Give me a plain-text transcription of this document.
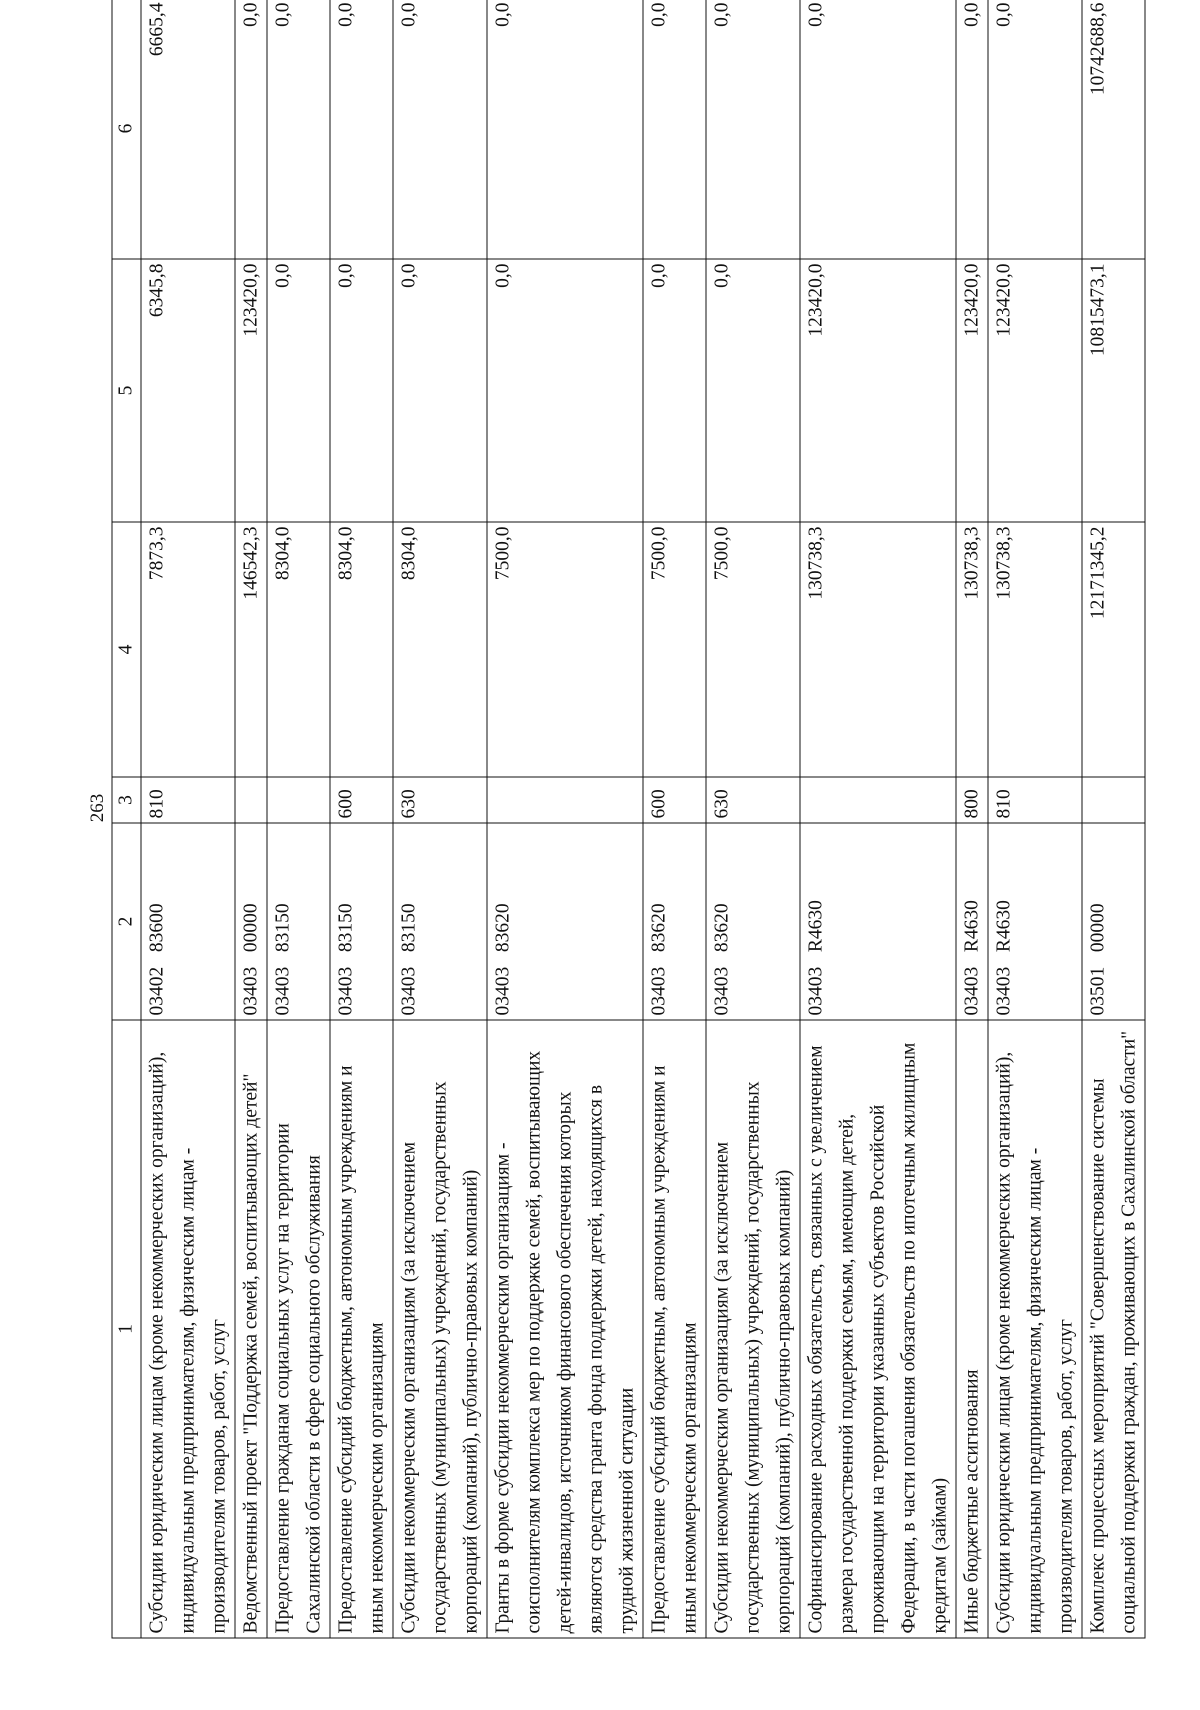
263
1	2	3	4	5	6
Субсидии юридическим лицам (кроме некоммерческих организаций), индивидуальным предпринимателям, физическим лицам - производителям товаров, работ, услуг	03402   83600	810	7873,3	6345,8	6665,4
Ведомственный проект "Поддержка семей, воспитывающих детей"	03403   00000		146542,3	123420,0	0,0
Предоставление гражданам социальных услуг на территории Сахалинской области в сфере социального обслуживания	03403   83150		8304,0	0,0	0,0
Предоставление субсидий бюджетным, автономным учреждениям и иным некоммерческим организациям	03403   83150	600	8304,0	0,0	0,0
Субсидии некоммерческим организациям (за исключением государственных (муниципальных) учреждений, государственных корпораций (компаний), публично-правовых компаний)	03403   83150	630	8304,0	0,0	0,0
Гранты в форме субсидии некоммерческим организациям - соисполнителям комплекса мер по поддержке семей, воспитывающих детей-инвалидов, источником финансового обеспечения которых являются средства гранта фонда поддержки детей, находящихся в трудной жизненной ситуации	03403   83620		7500,0	0,0	0,0
Предоставление субсидий бюджетным, автономным учреждениям и иным некоммерческим организациям	03403   83620	600	7500,0	0,0	0,0
Субсидии некоммерческим организациям (за исключением государственных (муниципальных) учреждений, государственных корпораций (компаний), публично-правовых компаний)	03403   83620	630	7500,0	0,0	0,0
Софинансирование расходных обязательств, связанных с увеличением размера государственной поддержки семьям, имеющим детей, проживающим на территории указанных субъектов Российской Федерации, в части погашения обязательств по ипотечным жилищным кредитам (займам)	03403   R4630		130738,3	123420,0	0,0
Иные бюджетные ассигнования	03403   R4630	800	130738,3	123420,0	0,0
Субсидии юридическим лицам (кроме некоммерческих организаций), индивидуальным предпринимателям, физическим лицам - производителям товаров, работ, услуг	03403   R4630	810	130738,3	123420,0	0,0
Комплекс процессных мероприятий "Совершенствование системы социальной поддержки граждан, проживающих в Сахалинской области"	03501   00000		12171345,2	10815473,1	10742688,6
